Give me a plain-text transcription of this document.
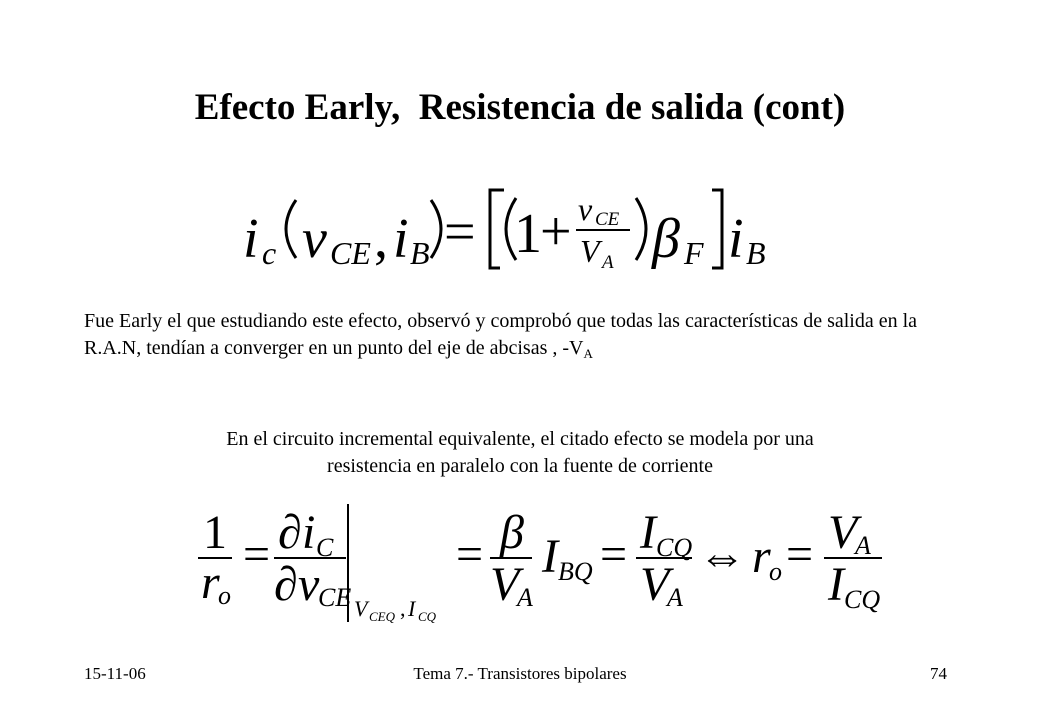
Efecto Early,  Resistencia de salida (cont)
i c v CE , i B = 1
+ v CE
V A β F i B
Fue Early el que estudiando este efecto, observó y comprobó que todas las características de salida en la R.A.N, tendían a converger en un punto del eje de abcisas , $-V_A$
En el circuito incremental equivalente, el citado efecto se modela por una
resistencia en paralelo con la fuente de corriente
1
r
o
= ∂ i C
∂ v
CE V CEQ , I CQ
= β
V
A
I BQ = I CQ
V
A
⇔ r
o = V
A
I CQ
15-11-06	Tema 7.- Transistores bipolares	74
